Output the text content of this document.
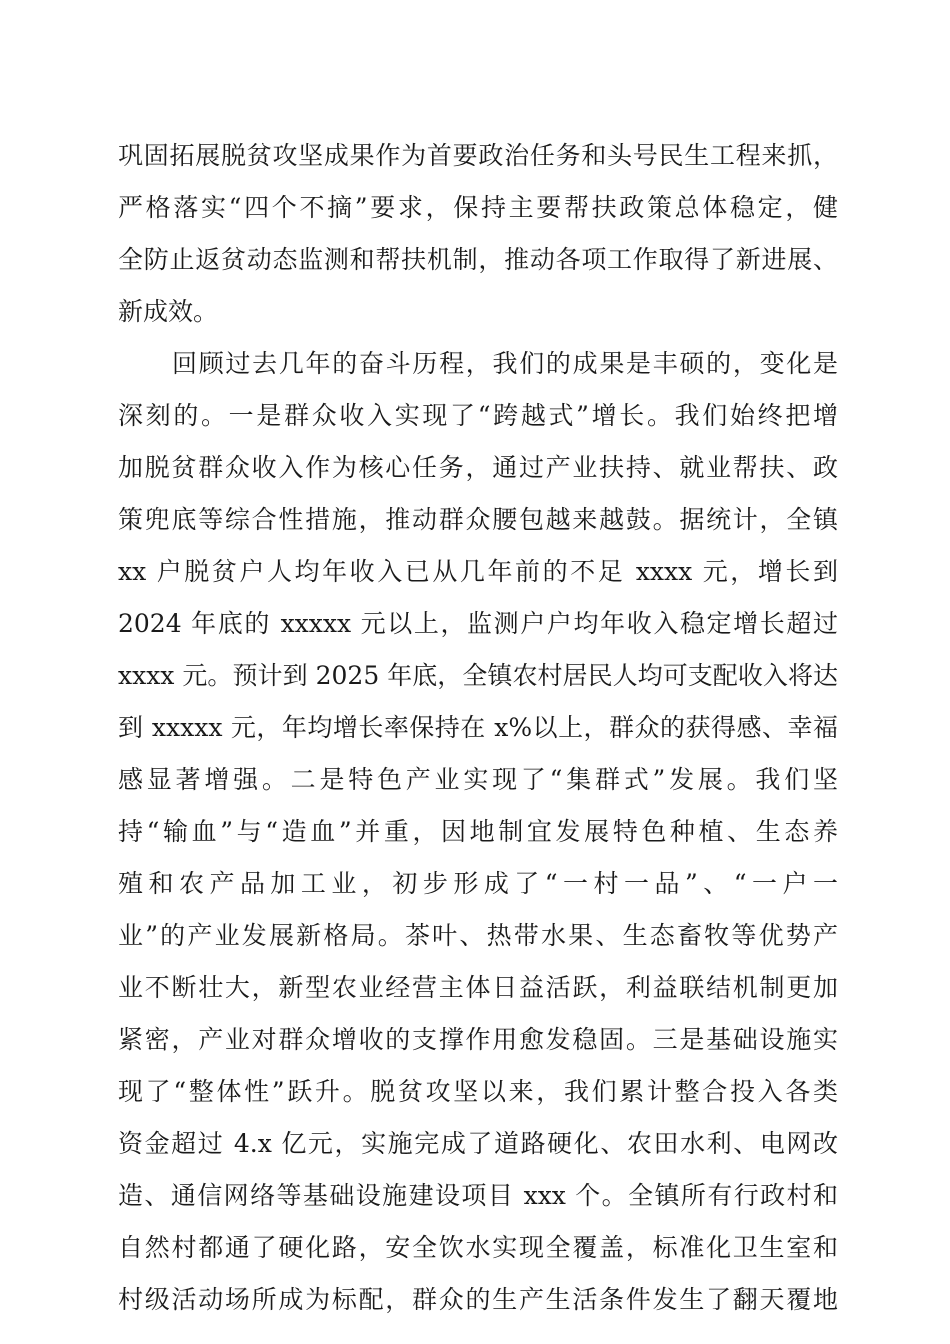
巩固拓展脱贫攻坚成果作为首要政治任务和头号民生工程来抓，
严格落实“四个不摘”要求，保持主要帮扶政策总体稳定，健
全防止返贫动态监测和帮扶机制，推动各项工作取得了新进展、
新成效。
回顾过去几年的奋斗历程，我们的成果是丰硕的，变化是
深刻的。一是群众收入实现了“跨越式”增长。我们始终把增
加脱贫群众收入作为核心任务，通过产业扶持、就业帮扶、政
策兜底等综合性措施，推动群众腰包越来越鼓。据统计，全镇
xx 户脱贫户人均年收入已从几年前的不足 xxxx 元，增长到
2024 年底的 xxxxx 元以上，监测户户均年收入稳定增长超过
xxxx 元。预计到 2025 年底，全镇农村居民人均可支配收入将达
到 xxxxx 元，年均增长率保持在 x%以上，群众的获得感、幸福
感显著增强。二是特色产业实现了“集群式”发展。我们坚
持“输血”与“造血”并重，因地制宜发展特色种植、生态养
殖和农产品加工业，初步形成了“一村一品”、“一户一
业”的产业发展新格局。茶叶、热带水果、生态畜牧等优势产
业不断壮大，新型农业经营主体日益活跃，利益联结机制更加
紧密，产业对群众增收的支撑作用愈发稳固。三是基础设施实
现了“整体性”跃升。脱贫攻坚以来，我们累计整合投入各类
资金超过 4.x 亿元，实施完成了道路硬化、农田水利、电网改
造、通信网络等基础设施建设项目 xxx 个。全镇所有行政村和
自然村都通了硬化路，安全饮水实现全覆盖，标准化卫生室和
村级活动场所成为标配，群众的生产生活条件发生了翻天覆地
